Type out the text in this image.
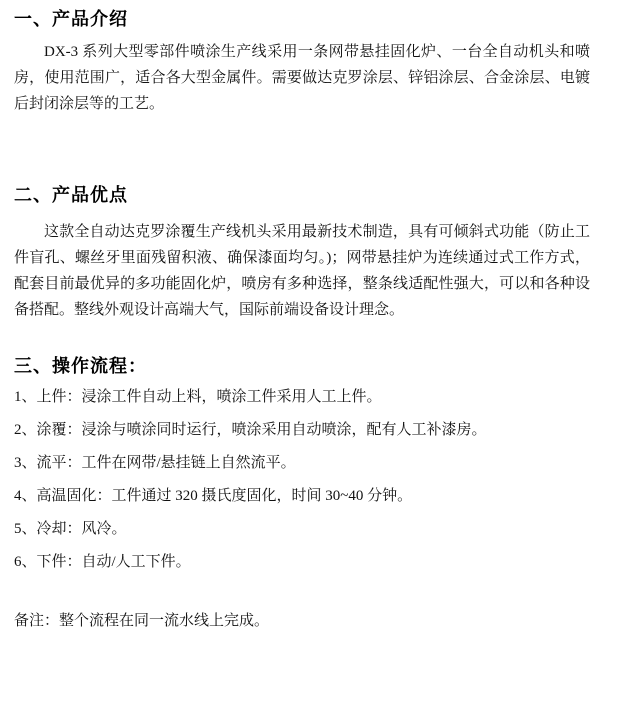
一、产品介绍

DX-3 系列大型零部件喷涂生产线采用一条网带悬挂固化炉、一台全自动机头和喷房，使用范围广，适合各大型金属件。需要做达克罗涂层、锌铝涂层、合金涂层、电镀后封闭涂层等的工艺。

二、产品优点

这款全自动达克罗涂覆生产线机头采用最新技术制造，具有可倾斜式功能（防止工件盲孔、螺丝牙里面残留积液、确保漆面均匀。)；网带悬挂炉为连续通过式工作方式，配套目前最优异的多功能固化炉，喷房有多种选择，整条线适配性强大，可以和各种设备搭配。整线外观设计高端大气，国际前端设备设计理念。

三、操作流程：

1、上件：浸涂工件自动上料，喷涂工件采用人工上件。

2、涂覆：浸涂与喷涂同时运行，喷涂采用自动喷涂，配有人工补漆房。

3、流平：工件在网带/悬挂链上自然流平。

4、高温固化：工件通过 320 摄氏度固化，时间 30~40 分钟。

5、冷却：风冷。

6、下件：自动/人工下件。

备注：整个流程在同一流水线上完成。
